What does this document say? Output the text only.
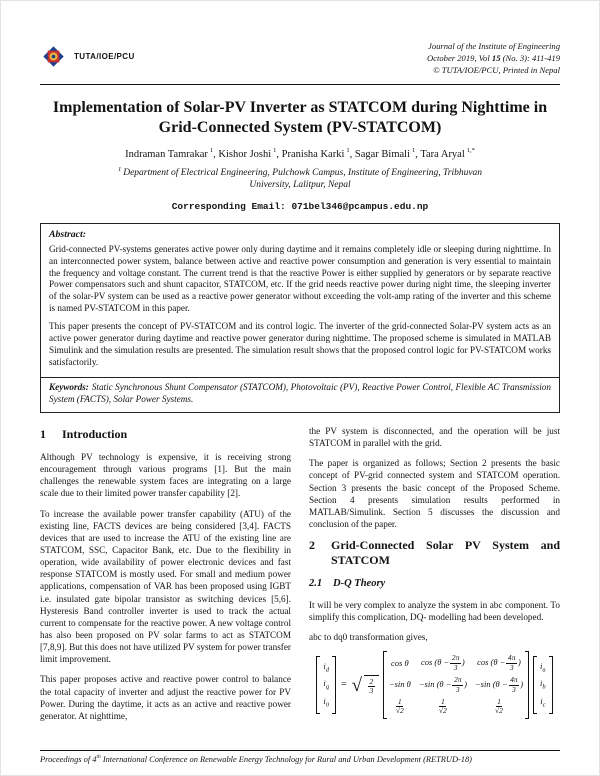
TUTA/IOE/PCU
Journal of the Institute of Engineering
October 2019, Vol 15 (No. 3): 411-419
© TUTA/IOE/PCU, Printed in Nepal
Implementation of Solar-PV Inverter as STATCOM during Nighttime in Grid-Connected System (PV-STATCOM)
Indraman Tamrakar $^1$, Kishor Joshi $^1$, Pranisha Karki $^1$, Sagar Bimali $^1$, Tara Aryal $^{1,*}$
$^1$ Department of Electrical Engineering, Pulchowk Campus, Institute of Engineering, Tribhuvan University, Lalitpur, Nepal
Corresponding Email: 071bel346@pcampus.edu.np
Abstract:

Grid-connected PV-systems generates active power only during daytime and it remains completely idle or sleeping during nighttime. In an interconnected power system, balance between active and reactive power consumption and generation is very essential to maintain the frequency and voltage constant. The current trend is that the reactive Power is either supplied by generators or by separate reactive Power compensators such and shunt capacitor, STATCOM, etc. If the grid needs reactive power during night time, the sleeping inverter of the solar-PV system can be used as a reactive power generator without exceeding the volt-amp rating of the inverter and this scheme is named PV-STATCOM in this paper.

This paper presents the concept of PV-STATCOM and its control logic. The inverter of the grid-connected Solar-PV system acts as an active power generator during daytime and reactive power generator during nighttime. The proposed scheme is simulated in MATLAB Simulink and the simulation results are presented. The simulation result shows that the proposed control logic for PV-STATCOM works satisfactorily.

Keywords: Static Synchronous Shunt Compensator (STATCOM), Photovoltaic (PV), Reactive Power Control, Flexible AC Transmission System (FACTS), Solar Power Systems.
1	Introduction

Although PV technology is expensive, it is receiving strong encouragement through various programs [1]. But the main challenges the renewable system faces are integrating on a large scale due to their limited power transfer capability [2].

To increase the available power transfer capability (ATU) of the existing line, FACTS devices are being considered [3,4]. FACTS devices that are used to increase the ATU of the existing line are STATCOM, SSC, Capacitor Bank, etc. Due to the flexibility in operation, wide availability of power electronic devices and fast response STATCOM is mostly used. For small and medium power applications, compensation of VAR has been proposed using IGBT i.e. insulated gate bipolar transistor as switching devices [5,6]. Hysteresis Band controller inverter is used to track the actual current to compensate for the reactive power. A new voltage control has also been proposed on PV solar farms to act as STATCOM [7,8,9]. But this does not have utilized PV system for power transfer limit improvement.

This paper proposes active and reactive power control to balance the total capacity of inverter and adjust the reactive power for PV Power. During the daytime, it acts as an active and reactive power generator. At nighttime,

the PV system is disconnected, and the operation will be just STATCOM in parallel with the grid.

The paper is organized as follows; Section 2 presents the basic concept of PV-grid connected system and STATCOM operation. Section 3 presents the basic concept of the Proposed Scheme. Section 4 presents simulation results performed in MATLAB/Simulink. Section 5 discusses the discussion and conclusion of the paper.

2	Grid-Connected Solar PV System and STATCOM
2.1	D-Q Theory

It will be very complex to analyze the system in abc component. To simplify this complication, DQ- modelling had been developed.

abc to dq0 transformation gives,

$i_d$
$i_q$
$i_0$
= √ $\frac{2}{3}$
cos θ $\cos (\theta - \frac{2\pi}{3}$ ) $\cos (\theta - \frac{4\pi}{3}$ )
−sin θ −sin ($\theta - \frac{2\pi}{3}$ ) −sin ($\theta - \frac{4\pi}{3}$ )
$\frac{1}{√2}$	$\frac{1}{√2}$	$\frac{1}{√2}$
$i_a$
$i_b$
$i_c$
Proceedings of 4th International Conference on Renewable Energy Technology for Rural and Urban Development (RETRUD-18)
